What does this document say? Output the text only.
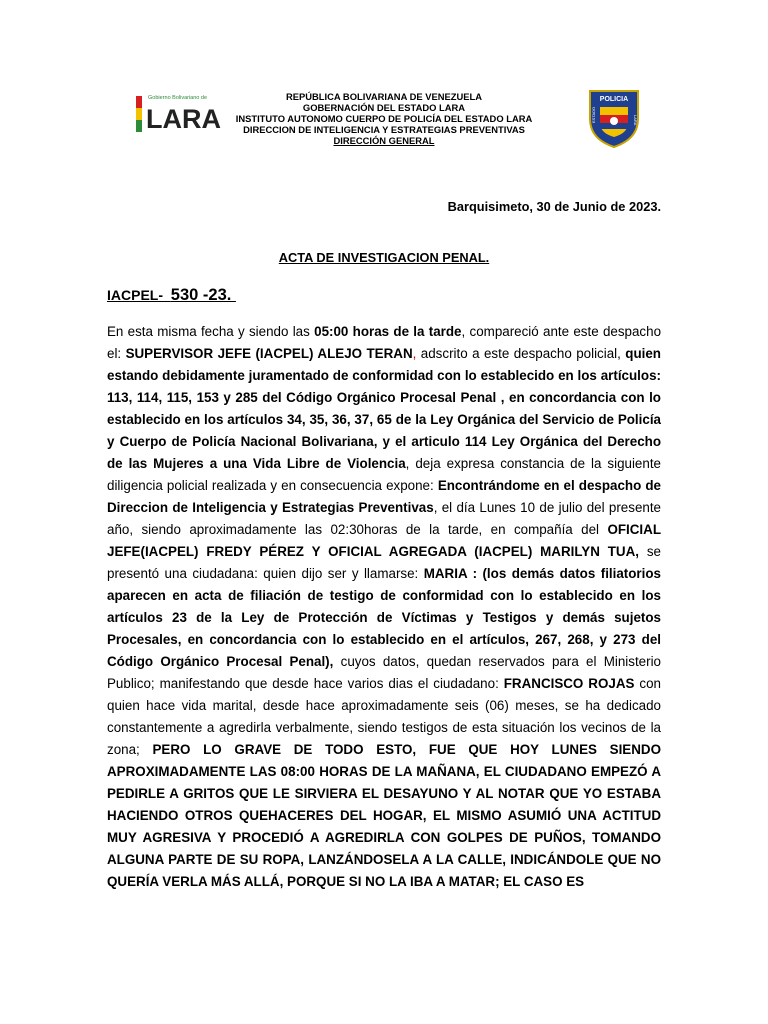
Gobierno Bolivariano de
LARA
POLICIA
ESTADO	LARA
REPÚBLICA BOLIVARIANA DE VENEZUELA
GOBERNACIÓN DEL ESTADO LARA
INSTITUTO AUTONOMO CUERPO DE POLICÍA DEL ESTADO LARA
DIRECCION DE INTELIGENCIA Y ESTRATEGIAS PREVENTIVAS
DIRECCIÓN GENERAL
Barquisimeto, 30 de Junio de 2023.
ACTA DE INVESTIGACION PENAL.
IACPEL-  530 -23.
En esta misma fecha y siendo las 05:00 horas de la tarde, compareció ante este despacho el: SUPERVISOR JEFE (IACPEL) ALEJO TERAN, adscrito a este despacho policial, quien estando debidamente juramentado de conformidad con lo establecido en los artículos: 113, 114, 115, 153 y 285 del Código Orgánico Procesal Penal , en concordancia con lo establecido en los artículos 34, 35, 36, 37, 65 de la Ley Orgánica del Servicio de Policía y Cuerpo de Policía Nacional Bolivariana, y el articulo 114 Ley Orgánica del Derecho de las Mujeres a una Vida Libre de Violencia, deja expresa constancia de la siguiente diligencia policial realizada y en consecuencia expone: Encontrándome en el despacho de Direccion de Inteligencia y Estrategias Preventivas, el día Lunes 10 de julio del presente año, siendo aproximadamente las 02:30horas de la tarde, en compañía del OFICIAL JEFE(IACPEL) FREDY PÉREZ Y OFICIAL AGREGADA (IACPEL) MARILYN TUA, se presentó una ciudadana: quien dijo ser y llamarse: MARIA : (los demás datos filiatorios aparecen en acta de filiación de testigo de conformidad con lo establecido en los artículos 23 de la Ley de Protección de Víctimas y Testigos y demás sujetos Procesales, en concordancia con lo establecido en el artículos, 267, 268, y 273 del Código Orgánico Procesal Penal), cuyos datos, quedan reservados para el Ministerio Publico; manifestando que desde hace varios dias el ciudadano: FRANCISCO ROJAS con quien hace vida marital, desde hace aproximadamente seis (06) meses, se ha dedicado constantemente a agredirla verbalmente, siendo testigos de esta situación los vecinos de la zona; PERO LO GRAVE DE TODO ESTO, FUE QUE HOY LUNES SIENDO APROXIMADAMENTE LAS 08:00 HORAS DE LA MAÑANA, EL CIUDADANO EMPEZÓ A PEDIRLE A GRITOS QUE LE SIRVIERA EL DESAYUNO Y AL NOTAR QUE YO ESTABA HACIENDO OTROS QUEHACERES DEL HOGAR, EL MISMO ASUMIÓ UNA ACTITUD MUY AGRESIVA Y PROCEDIÓ A AGREDIRLA CON GOLPES DE PUÑOS, TOMANDO ALGUNA PARTE DE SU ROPA, LANZÁNDOSELA A LA CALLE, INDICÁNDOLE QUE NO QUERÍA VERLA MÁS ALLÁ, PORQUE SI NO LA IBA A MATAR; EL CASO ES
